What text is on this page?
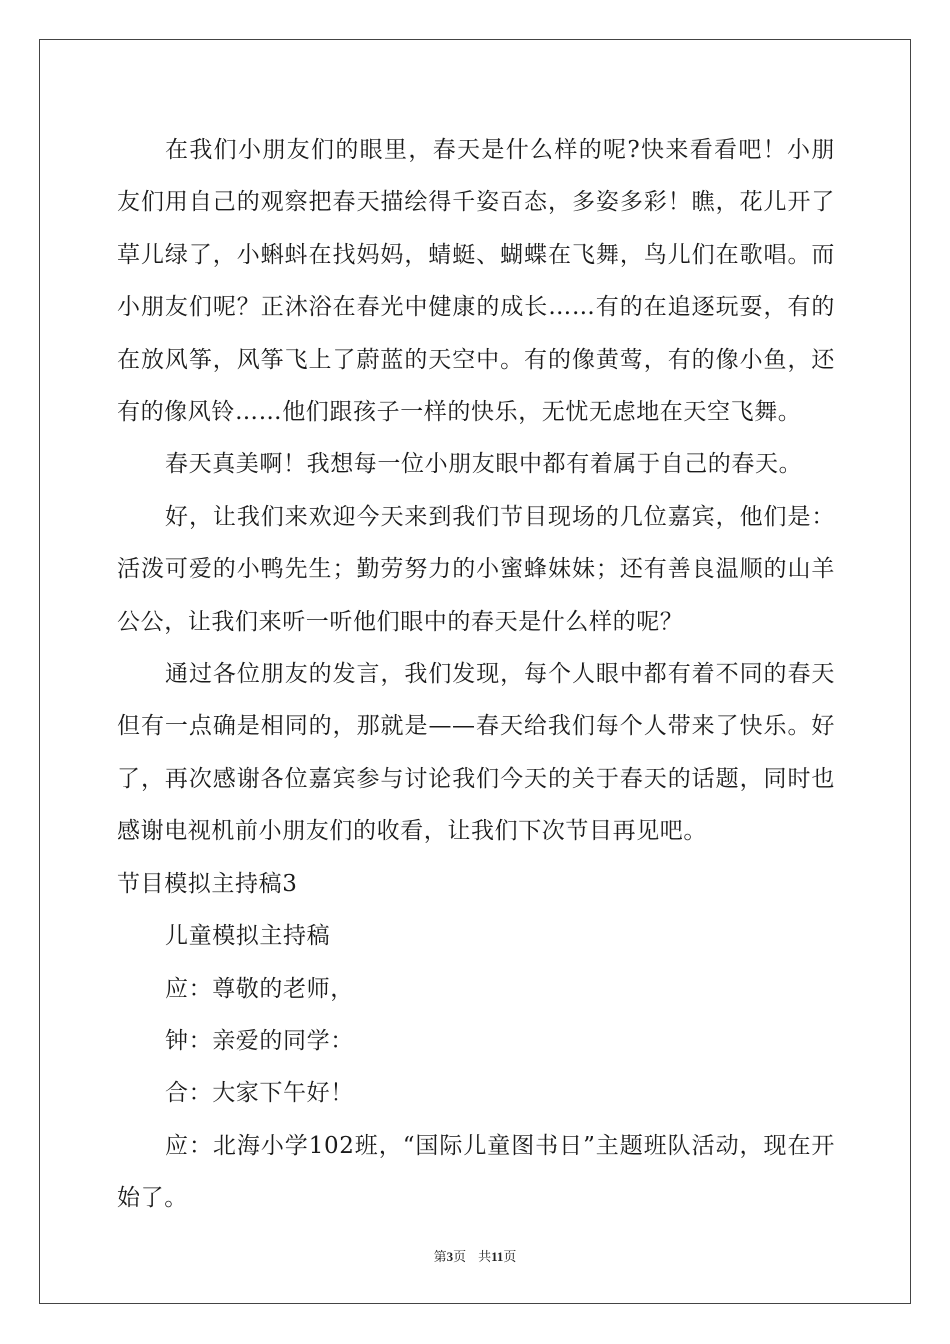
在我们小朋友们的眼里，春天是什么样的呢?快来看看吧！小朋友们用自己的观察把春天描绘得千姿百态，多姿多彩！瞧，花儿开了草儿绿了，小蝌蚪在找妈妈，蜻蜓、蝴蝶在飞舞，鸟儿们在歌唱。而小朋友们呢？正沐浴在春光中健康的成长……有的在追逐玩耍，有的在放风筝，风筝飞上了蔚蓝的天空中。有的像黄莺，有的像小鱼，还有的像风铃……他们跟孩子一样的快乐，无忧无虑地在天空飞舞。

春天真美啊！我想每一位小朋友眼中都有着属于自己的春天。

好，让我们来欢迎今天来到我们节目现场的几位嘉宾，他们是：活泼可爱的小鸭先生；勤劳努力的小蜜蜂妹妹；还有善良温顺的山羊公公，让我们来听一听他们眼中的春天是什么样的呢？

通过各位朋友的发言，我们发现，每个人眼中都有着不同的春天但有一点确是相同的，那就是——春天给我们每个人带来了快乐。好了，再次感谢各位嘉宾参与讨论我们今天的关于春天的话题，同时也感谢电视机前小朋友们的收看，让我们下次节目再见吧。

节目模拟主持稿3

儿童模拟主持稿

应：尊敬的老师，

钟：亲爱的同学：

合：大家下午好！

应：北海小学102班，“国际儿童图书日”主题班队活动，现在开始了。

第3页 共11页
